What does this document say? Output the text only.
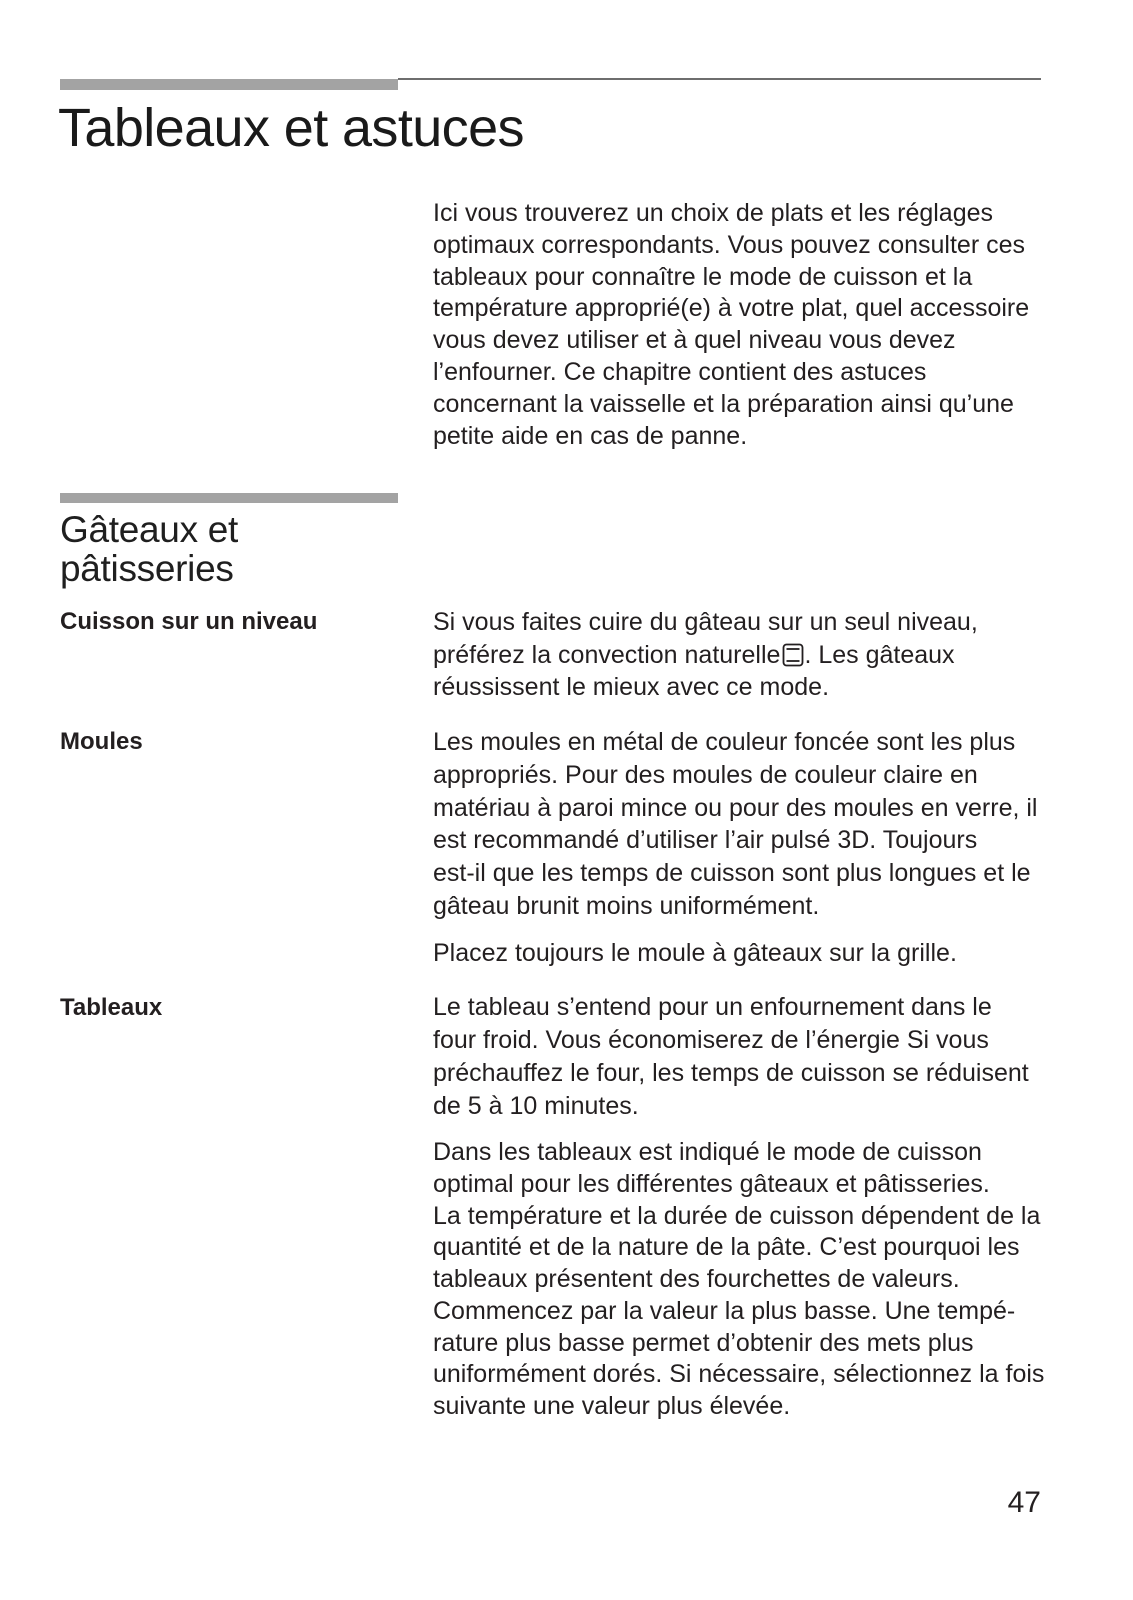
Tableaux et astuces
Ici vous trouverez un choix de plats et les réglages
optimaux correspondants. Vous pouvez consulter ces
tableaux pour connaître le mode de cuisson et la
température approprié(e) à votre plat, quel accessoire
vous devez utiliser et à quel niveau vous devez
l’enfourner. Ce chapitre contient des astuces
concernant la vaisselle et la préparation ainsi qu’une
petite aide en cas de panne.
Gâteaux et
pâtisseries
Cuisson sur un niveau	Si vous faites cuire du gâteau sur un seul niveau,
préférez la convection naturelle . Les gâteaux
réussissent le mieux avec ce mode.
Moules	Les moules en métal de couleur foncée sont les plus
appropriés. Pour des moules de couleur claire en
matériau à paroi mince ou pour des moules en verre, il
est recommandé d’utiliser l’air pulsé 3D. Toujours
est-il que les temps de cuisson sont plus longues et le
gâteau brunit moins uniformément.
Placez toujours le moule à gâteaux sur la grille.
Tableaux	Le tableau s’entend pour un enfournement dans le
four froid. Vous économiserez de l’énergie Si vous
préchauffez le four, les temps de cuisson se réduisent
de 5 à 10 minutes.
Dans les tableaux est indiqué le mode de cuisson
optimal pour les différentes gâteaux et pâtisseries.
La température et la durée de cuisson dépendent de la
quantité et de la nature de la pâte. C’est pourquoi les
tableaux présentent des fourchettes de valeurs.
Commencez par la valeur la plus basse. Une tempé-
rature plus basse permet d’obtenir des mets plus
uniformément dorés. Si nécessaire, sélectionnez la fois
suivante une valeur plus élevée.
47
